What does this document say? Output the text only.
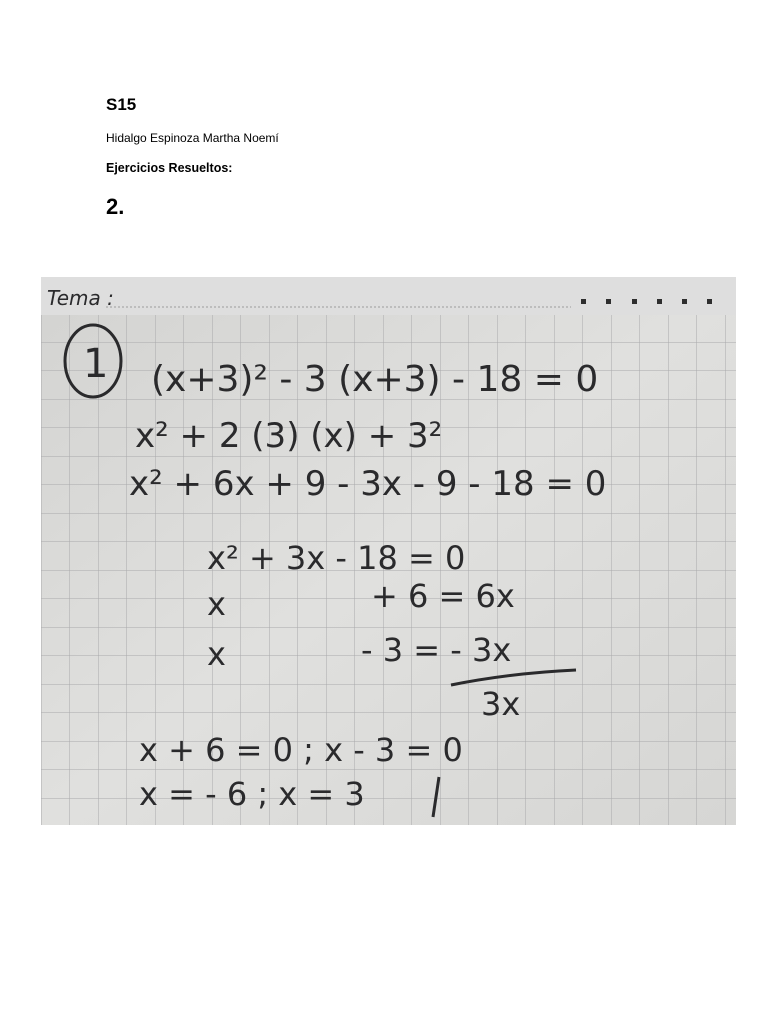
S15
Hidalgo Espinoza Martha Noemí
Ejercicios Resueltos:
2.
Tema :
1 (x+3)² - 3 (x+3) - 18 = 0
x² + 2 (3) (x) + 3²
x² + 6x + 9 - 3x - 9 - 18 = 0
x² + 3x - 18 = 0
x	+ 6 = 6x
x	- 3 = - 3x
3x
x + 6 = 0 ; x - 3 = 0
x = - 6 ; x = 3
